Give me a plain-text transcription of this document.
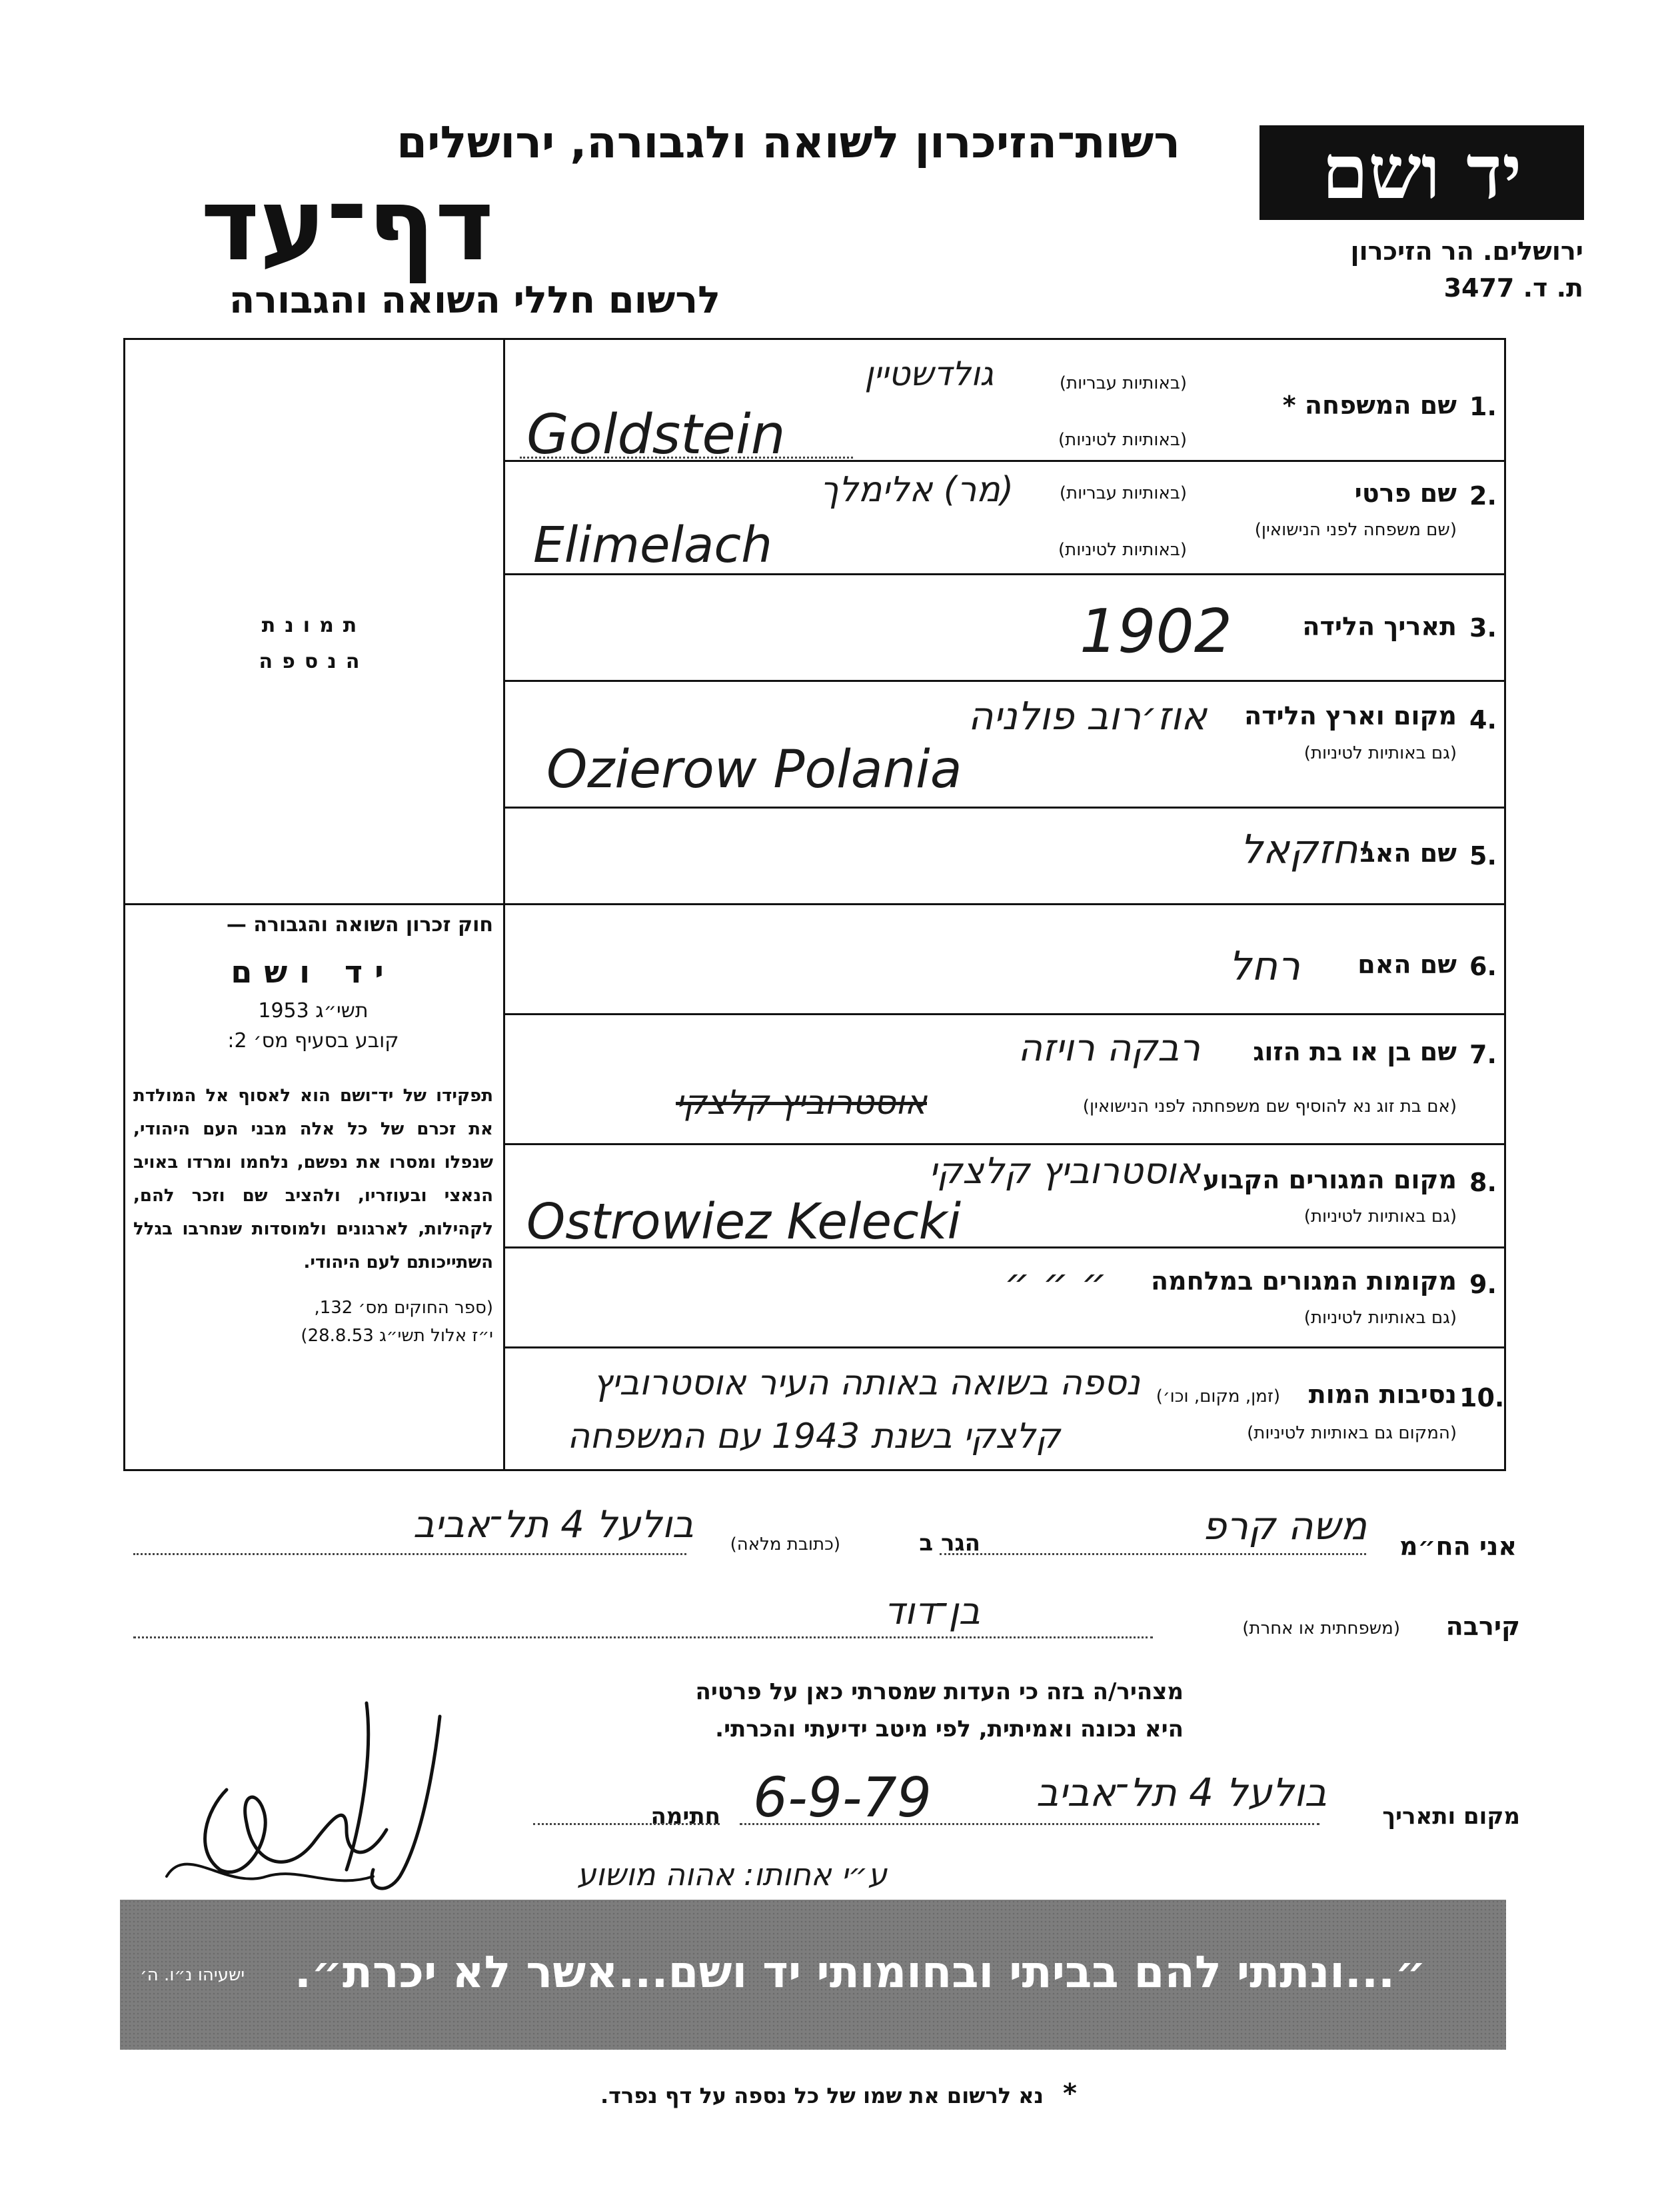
יד ושם
ירושלים. הר הזיכרון
ת. ד. 3477
רשות־הזיכרון לשואה ולגבורה, ירושלים
דף־עד
לרשום חללי השואה והגבורה
תמונת
הנספה
חוק זכרון השואה והגבורה —
יד ושם
תשי״ג 1953
קובע בסעיף מס׳ 2:
תפקידו של יד־ושם הוא לאסוף אל המולדת את זכרם של כל אלה מבני העם היהודי, שנפלו ומסרו את נפשם, נלחמו ומרדו באויב הנאצי ובעוזריו, ולהציב שם וזכר להם, לקהילות, לארגונים ולמוסדות שנחרבו בגלל השתייכותם לעם היהודי.
(ספר החוקים מס׳ 132,
י״ז אלול תשי״ג 28.8.53)
1.
שם המשפחה *
(באותיות עבריות)
(באותיות לטיניות)
גולדשטיין
Goldstein
2.
שם פרטי
(שם משפחה לפני הנישואין)
(באותיות עבריות)
(באותיות לטיניות)
(מר) אלימלך
Elimelach
3.
תאריך הלידה
1902
4.
מקום וארץ הלידה
(גם באותיות לטיניות)
אוז׳רוב פולניה
Ozierow Polania
5.
שם האב
יחזקאל
6.
שם האם
רחל
7.
שם בן או בת הזוג
(אם בת זוג נא להוסיף שם משפחתה לפני הנישואין)
רבקה רויזה
אוסטרוביץ קלצקי
8.
מקום המגורים הקבוע
(גם באותיות לטיניות)
אוסטרוביץ קלצקי
Ostrowiez Kelecki
9.
מקומות המגורים במלחמה
(גם באותיות לטיניות)
״ ״ ״
10.
נסיבות המות
(זמן, מקום, וכו׳)
(המקום גם באותיות לטיניות)
נספה בשואה באותה העיר אוסטרוביץ
קלצקי בשנת 1943 עם המשפחה
אני הח״מ
משה קרפ
הגר ב
(כתובת מלאה)
בולעל 4 תל־אביב
קירבה
(משפחתית או אחרת)
בן־דוד
מצהיר/ה בזה כי העדות שמסרתי כאן על פרטיה
היא נכונה ואמיתית, לפי מיטב ידיעתי והכרתי.
מקום ותאריך
בולעל 4 תל־אביב
6-9-79
חתימה
ע״י אחותו: אהוה מושוע
״...ונתתי להם בביתי ובחומותי יד ושם...אשר לא יכרת״.
ישעיהו נ״ו. ה׳
*
נא לרשום את שמו של כל נספה על דף נפרד.
